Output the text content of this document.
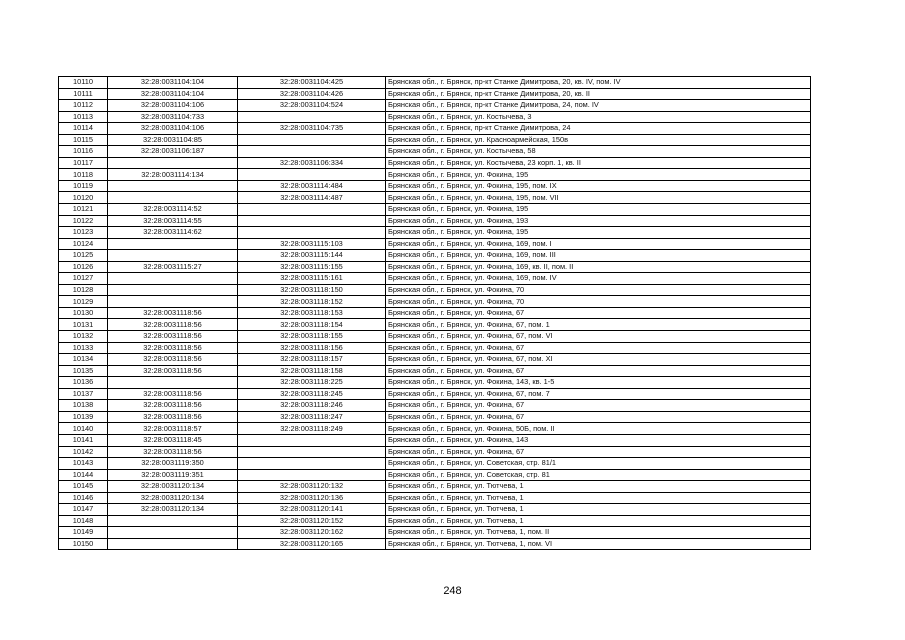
10110	32:28:0031104:104	32:28:0031104:425	Брянская обл., г. Брянск, пр-кт Станке Димитрова, 20, кв. IV, пом. IV
10111	32:28:0031104:104	32:28:0031104:426	Брянская обл., г. Брянск, пр-кт Станке Димитрова, 20, кв. II
10112	32:28:0031104:106	32:28:0031104:524	Брянская обл., г. Брянск, пр-кт Станке Димитрова, 24, пом. IV
10113	32:28:0031104:733		Брянская обл., г. Брянск, ул. Костычева, 3
10114	32:28:0031104:106	32:28:0031104:735	Брянская обл., г. Брянск, пр-кт Станке Димитрова, 24
10115	32:28:0031104:85		Брянская обл., г. Брянск, ул. Красноармейская, 150в
10116	32:28:0031106:187		Брянская обл., г. Брянск, ул. Костычева, 58
10117		32:28:0031106:334	Брянская обл., г. Брянск, ул. Костычева, 23 корп. 1, кв. II
10118	32:28:0031114:134		Брянская обл., г. Брянск, ул. Фокина, 195
10119		32:28:0031114:484	Брянская обл., г. Брянск, ул. Фокина, 195, пом. IX
10120		32:28:0031114:487	Брянская обл., г. Брянск, ул. Фокина, 195, пом. VII
10121	32:28:0031114:52		Брянская обл., г. Брянск, ул. Фокина, 195
10122	32:28:0031114:55		Брянская обл., г. Брянск, ул. Фокина, 193
10123	32:28:0031114:62		Брянская обл., г. Брянск, ул. Фокина, 195
10124		32:28:0031115:103	Брянская обл., г. Брянск, ул. Фокина, 169, пом. I
10125		32:28:0031115:144	Брянская обл., г. Брянск, ул. Фокина, 169, пом. III
10126	32:28:0031115:27	32:28:0031115:155	Брянская обл., г. Брянск, ул. Фокина, 169, кв. II, пом. II
10127		32:28:0031115:161	Брянская обл., г. Брянск, ул. Фокина, 169, пом. IV
10128		32:28:0031118:150	Брянская обл., г. Брянск, ул. Фокина, 70
10129		32:28:0031118:152	Брянская обл., г. Брянск, ул. Фокина, 70
10130	32:28:0031118:56	32:28:0031118:153	Брянская обл., г. Брянск, ул. Фокина, 67
10131	32:28:0031118:56	32:28:0031118:154	Брянская обл., г. Брянск, ул. Фокина, 67, пом. 1
10132	32:28:0031118:56	32:28:0031118:155	Брянская обл., г. Брянск, ул. Фокина, 67, пом. VI
10133	32:28:0031118:56	32:28:0031118:156	Брянская обл., г. Брянск, ул. Фокина, 67
10134	32:28:0031118:56	32:28:0031118:157	Брянская обл., г. Брянск, ул. Фокина, 67, пом. XI
10135	32:28:0031118:56	32:28:0031118:158	Брянская обл., г. Брянск, ул. Фокина, 67
10136		32:28:0031118:225	Брянская обл., г. Брянск, ул. Фокина, 143, кв. 1-5
10137	32:28:0031118:56	32:28:0031118:245	Брянская обл., г. Брянск, ул. Фокина, 67, пом. 7
10138	32:28:0031118:56	32:28:0031118:246	Брянская обл., г. Брянск, ул. Фокина, 67
10139	32:28:0031118:56	32:28:0031118:247	Брянская обл., г. Брянск, ул. Фокина, 67
10140	32:28:0031118:57	32:28:0031118:249	Брянская обл., г. Брянск, ул. Фокина, 50Б, пом. II
10141	32:28:0031118:45		Брянская обл., г. Брянск, ул. Фокина, 143
10142	32:28:0031118:56		Брянская обл., г. Брянск, ул. Фокина, 67
10143	32:28:0031119:350		Брянская обл., г. Брянск, ул. Советская, стр. 81/1
10144	32:28:0031119:351		Брянская обл., г. Брянск, ул. Советская, стр. 81
10145	32:28:0031120:134	32:28:0031120:132	Брянская обл., г. Брянск, ул. Тютчева, 1
10146	32:28:0031120:134	32:28:0031120:136	Брянская обл., г. Брянск, ул. Тютчева, 1
10147	32:28:0031120:134	32:28:0031120:141	Брянская обл., г. Брянск, ул. Тютчева, 1
10148		32:28:0031120:152	Брянская обл., г. Брянск, ул. Тютчева, 1
10149		32:28:0031120:162	Брянская обл., г. Брянск, ул. Тютчева, 1, пом. II
10150		32:28:0031120:165	Брянская обл., г. Брянск, ул. Тютчева, 1, пом. VI
248
